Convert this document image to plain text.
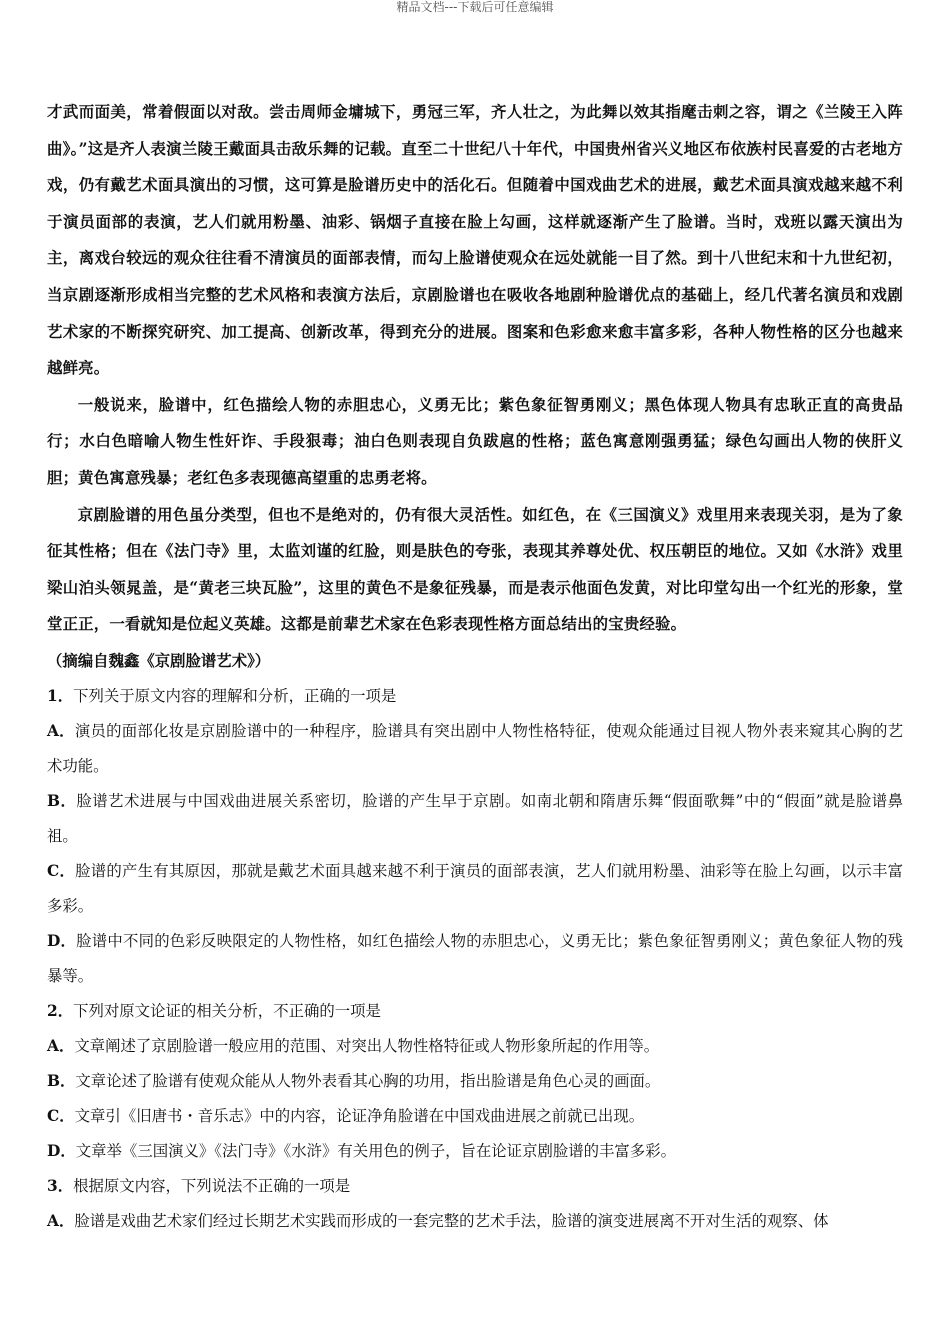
精品文档---下载后可任意编辑

才武而面美，常着假面以对敌。尝击周师金墉城下，勇冠三军，齐人壮之，为此舞以效其指麾击刺之容，谓之《兰陵王入阵曲》。”这是齐人表演兰陵王戴面具击敌乐舞的记载。直至二十世纪八十年代，中国贵州省兴义地区布依族村民喜爱的古老地方戏，仍有戴艺术面具演出的习惯，这可算是脸谱历史中的活化石。但随着中国戏曲艺术的进展，戴艺术面具演戏越来越不利于演员面部的表演，艺人们就用粉墨、油彩、锅烟子直接在脸上勾画，这样就逐渐产生了脸谱。当时，戏班以露天演出为主，离戏台较远的观众往往看不清演员的面部表情，而勾上脸谱使观众在远处就能一目了然。到十八世纪末和十九世纪初，当京剧逐渐形成相当完整的艺术风格和表演方法后，京剧脸谱也在吸收各地剧种脸谱优点的基础上，经几代著名演员和戏剧艺术家的不断探究研究、加工提高、创新改革，得到充分的进展。图案和色彩愈来愈丰富多彩，各种人物性格的区分也越来越鲜亮。

一般说来，脸谱中，红色描绘人物的赤胆忠心，义勇无比；紫色象征智勇刚义；黑色体现人物具有忠耿正直的高贵品行；水白色暗喻人物生性奸诈、手段狠毒；油白色则表现自负跋扈的性格；蓝色寓意刚强勇猛；绿色勾画出人物的侠肝义胆；黄色寓意残暴；老红色多表现德高望重的忠勇老将。

京剧脸谱的用色虽分类型，但也不是绝对的，仍有很大灵活性。如红色，在《三国演义》戏里用来表现关羽，是为了象征其性格；但在《法门寺》里，太监刘谨的红脸，则是肤色的夸张，表现其养尊处优、权压朝臣的地位。又如《水浒》戏里梁山泊头领晁盖，是“黄老三块瓦脸”，这里的黄色不是象征残暴，而是表示他面色发黄，对比印堂勾出一个红光的形象，堂堂正正，一看就知是位起义英雄。这都是前辈艺术家在色彩表现性格方面总结出的宝贵经验。

（摘编自魏鑫《京剧脸谱艺术》）

1．下列关于原文内容的理解和分析，正确的一项是

A．演员的面部化妆是京剧脸谱中的一种程序，脸谱具有突出剧中人物性格特征，使观众能通过目视人物外表来窥其心胸的艺术功能。

B．脸谱艺术进展与中国戏曲进展关系密切，脸谱的产生早于京剧。如南北朝和隋唐乐舞“假面歌舞”中的“假面”就是脸谱鼻祖。

C．脸谱的产生有其原因，那就是戴艺术面具越来越不利于演员的面部表演，艺人们就用粉墨、油彩等在脸上勾画，以示丰富多彩。

D．脸谱中不同的色彩反映限定的人物性格，如红色描绘人物的赤胆忠心，义勇无比；紫色象征智勇刚义；黄色象征人物的残暴等。

2．下列对原文论证的相关分析，不正确的一项是

A．文章阐述了京剧脸谱一般应用的范围、对突出人物性格特征或人物形象所起的作用等。

B．文章论述了脸谱有使观众能从人物外表看其心胸的功用，指出脸谱是角色心灵的画面。

C．文章引《旧唐书・音乐志》中的内容，论证净角脸谱在中国戏曲进展之前就已出现。

D．文章举《三国演义》《法门寺》《水浒》有关用色的例子，旨在论证京剧脸谱的丰富多彩。

3．根据原文内容，下列说法不正确的一项是

A．脸谱是戏曲艺术家们经过长期艺术实践而形成的一套完整的艺术手法，脸谱的演变进展离不开对生活的观察、体
